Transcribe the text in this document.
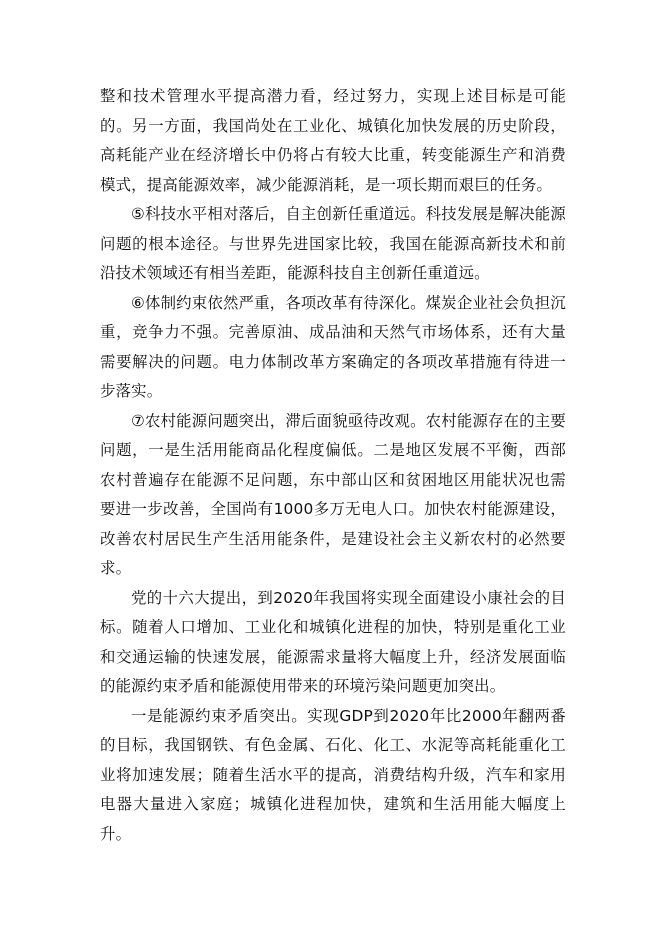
整和技术管理水平提高潜力看，经过努力，实现上述目标是可能的。另一方面，我国尚处在工业化、城镇化加快发展的历史阶段，高耗能产业在经济增长中仍将占有较大比重，转变能源生产和消费模式，提高能源效率，减少能源消耗，是一项长期而艰巨的任务。

⑤科技水平相对落后，自主创新任重道远。科技发展是解决能源问题的根本途径。与世界先进国家比较，我国在能源高新技术和前沿技术领域还有相当差距，能源科技自主创新任重道远。

⑥体制约束依然严重，各项改革有待深化。煤炭企业社会负担沉重，竞争力不强。完善原油、成品油和天然气市场体系，还有大量需要解决的问题。电力体制改革方案确定的各项改革措施有待进一步落实。

⑦农村能源问题突出，滞后面貌亟待改观。农村能源存在的主要问题，一是生活用能商品化程度偏低。二是地区发展不平衡，西部农村普遍存在能源不足问题，东中部山区和贫困地区用能状况也需要进一步改善，全国尚有1000多万无电人口。加快农村能源建设，改善农村居民生产生活用能条件，是建设社会主义新农村的必然要求。

党的十六大提出，到2020年我国将实现全面建设小康社会的目标。随着人口增加、工业化和城镇化进程的加快，特别是重化工业和交通运输的快速发展，能源需求量将大幅度上升，经济发展面临的能源约束矛盾和能源使用带来的环境污染问题更加突出。

一是能源约束矛盾突出。实现GDP到2020年比2000年翻两番的目标，我国钢铁、有色金属、石化、化工、水泥等高耗能重化工业将加速发展；随着生活水平的提高，消费结构升级，汽车和家用电器大量进入家庭；城镇化进程加快，建筑和生活用能大幅度上升。
